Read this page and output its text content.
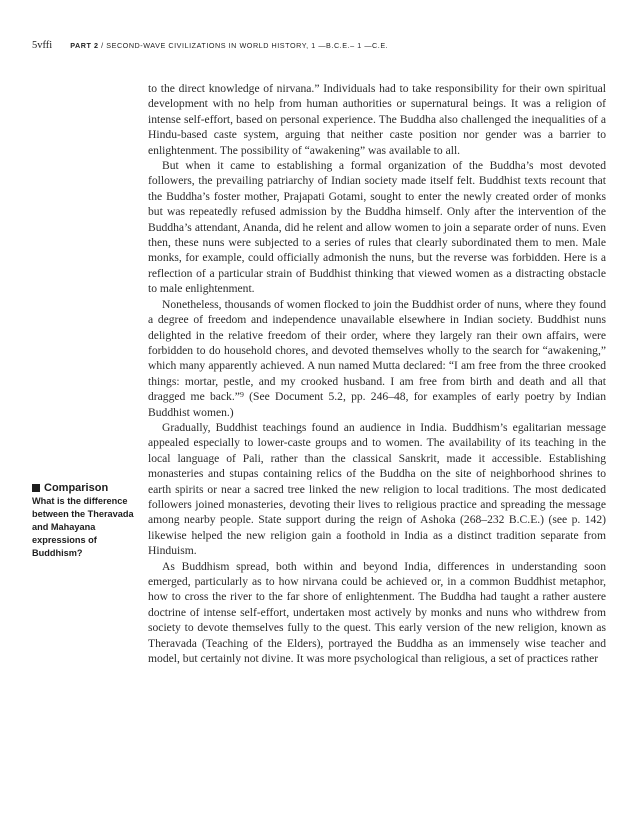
5vffi	PART 2 / SECOND-WAVE CIVILIZATIONS IN WORLD HISTORY, 1 —B.C.E.– 1 —C.E.

to the direct knowledge of nirvana.” Individuals had to take responsibility for their own spiritual development with no help from human authorities or supernatural beings. It was a religion of intense self-effort, based on personal experience. The Buddha also challenged the inequalities of a Hindu-based caste system, arguing that neither caste position nor gender was a barrier to enlightenment. The possibility of “awakening” was available to all.

But when it came to establishing a formal organization of the Buddha’s most devoted followers, the prevailing patriarchy of Indian society made itself felt. Buddhist texts recount that the Buddha’s foster mother, Prajapati Gotami, sought to enter the newly created order of monks but was repeatedly refused admission by the Buddha himself. Only after the intervention of the Buddha’s attendant, Ananda, did he relent and allow women to join a separate order of nuns. Even then, these nuns were subjected to a series of rules that clearly subordinated them to men. Male monks, for example, could officially admonish the nuns, but the reverse was forbidden. Here is a reflection of a particular strain of Buddhist thinking that viewed women as a distracting obstacle to male enlightenment.

Nonetheless, thousands of women flocked to join the Buddhist order of nuns, where they found a degree of freedom and independence unavailable elsewhere in Indian society. Buddhist nuns delighted in the relative freedom of their order, where they largely ran their own affairs, were forbidden to do household chores, and devoted themselves wholly to the search for “awakening,” which many apparently achieved. A nun named Mutta declared: “I am free from the three crooked things: mortar, pestle, and my crooked husband. I am free from birth and death and all that dragged me back.”⁹ (See Document 5.2, pp. 246–48, for examples of early poetry by Indian Buddhist women.)

Gradually, Buddhist teachings found an audience in India. Buddhism’s egalitarian message appealed especially to lower-caste groups and to women. The availability of its teaching in the local language of Pali, rather than the classical Sanskrit, made it accessible. Establishing monasteries and stupas containing relics of the Buddha on the site of neighborhood shrines to earth spirits or near a sacred tree linked the new religion to local traditions. The most dedicated followers joined monasteries, devoting their lives to religious practice and spreading the message among nearby people. State support during the reign of Ashoka (268–232 B.C.E.) (see p. 142) likewise helped the new religion gain a foothold in India as a distinct tradition separate from Hinduism.

As Buddhism spread, both within and beyond India, differences in understanding soon emerged, particularly as to how nirvana could be achieved or, in a common Buddhist metaphor, how to cross the river to the far shore of enlightenment. The Buddha had taught a rather austere doctrine of intense self-effort, undertaken most actively by monks and nuns who withdrew from society to devote themselves fully to the quest. This early version of the new religion, known as Theravada (Teaching of the Elders), portrayed the Buddha as an immensely wise teacher and model, but certainly not divine. It was more psychological than religious, a set of practices rather

Comparison
What is the difference between the Theravada and Mahayana expressions of Buddhism?
